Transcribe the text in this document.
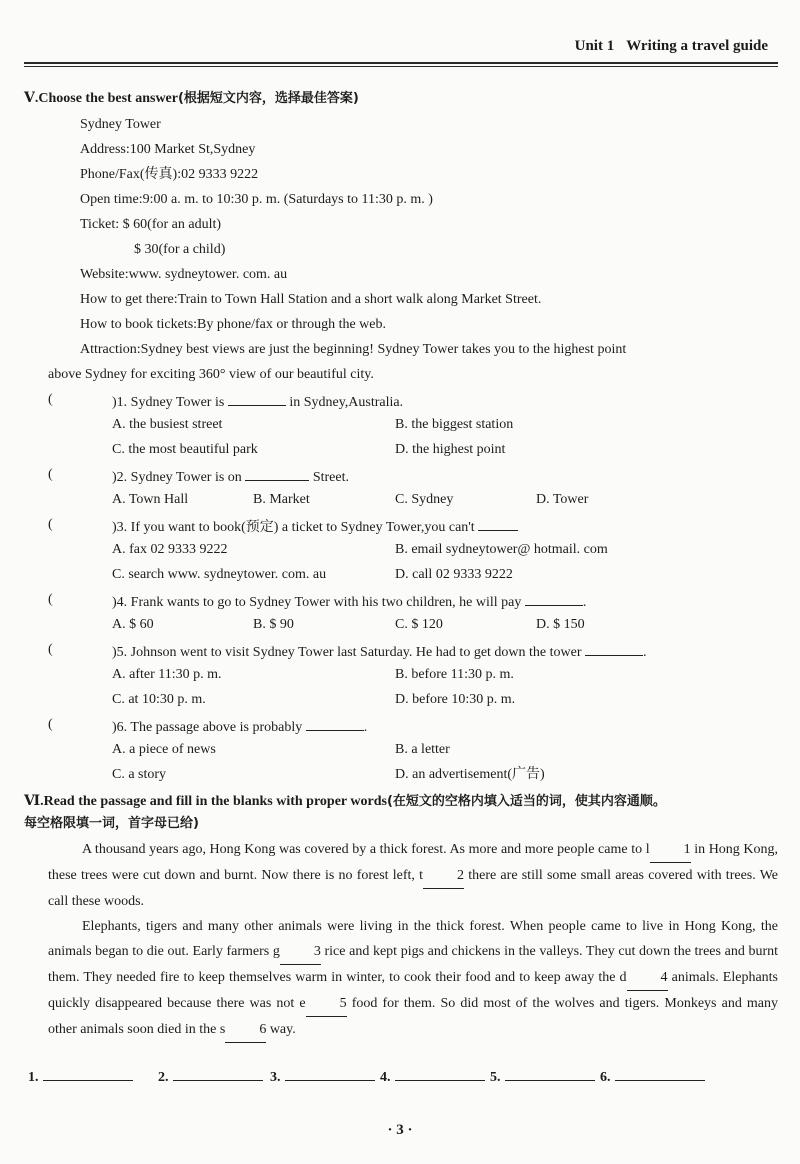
Unit 1 Writing a travel guide
Ⅴ.Choose the best answer(根据短文内容，选择最佳答案)
Sydney Tower
Address:100 Market St,Sydney
Phone/Fax(传真):02 9333 9222
Open time:9:00 a. m. to 10:30 p. m. (Saturdays to 11:30 p. m. )
Ticket: $ 60(for an adult)
$ 30(for a child)
Website:www. sydneytower. com. au
How to get there:Train to Town Hall Station and a short walk along Market Street.
How to book tickets:By phone/fax or through the web.
Attraction:Sydney best views are just the beginning! Sydney Tower takes you to the highest point
above Sydney for exciting 360° view of our beautiful city.
(	)1. Sydney Tower is	in Sydney,Australia.
A. the busiest street	B. the biggest station
C. the most beautiful park	D. the highest point
(	)2. Sydney Tower is on	Street.
A. Town Hall	B. Market	C. Sydney	D. Tower
(	)3. If you want to book(预定) a ticket to Sydney Tower,you can't
A. fax 02 9333 9222	B. email sydneytower@ hotmail. com
C. search www. sydneytower. com. au	D. call 02 9333 9222
(	)4. Frank wants to go to Sydney Tower with his two children, he will pay	.
A. $ 60	B. $ 90	C. $ 120	D. $ 150
(	)5. Johnson went to visit Sydney Tower last Saturday. He had to get down the tower	.
A. after 11:30 p. m.	B. before 11:30 p. m.
C. at 10:30 p. m.	D. before 10:30 p. m.
(	)6. The passage above is probably	.
A. a piece of news	B. a letter
C. a story	D. an advertisement(广告)
Ⅵ.Read the passage and fill in the blanks with proper words(在短文的空格内填入适当的词，使其内容通顺。
每空格限填一词，首字母已给)

A thousand years ago, Hong Kong was covered by a thick forest. As more and more people came to l 1 in Hong Kong, these trees were cut down and burnt. Now there is no forest left, t 2 there are still some small areas covered with trees. We call these woods.

Elephants, tigers and many other animals were living in the thick forest. When people came to live in Hong Kong, the animals began to die out. Early farmers g 3 rice and kept pigs and chickens in the valleys. They cut down the trees and burnt them. They needed fire to keep themselves warm in winter, to cook their food and to keep away the d 4 animals. Elephants quickly disappeared because there was not e 5 food for them. So did most of the wolves and tigers. Monkeys and many other animals soon died in the s 6 way.

1.	2.	3.	4.	5.	6.
· 3 ·
